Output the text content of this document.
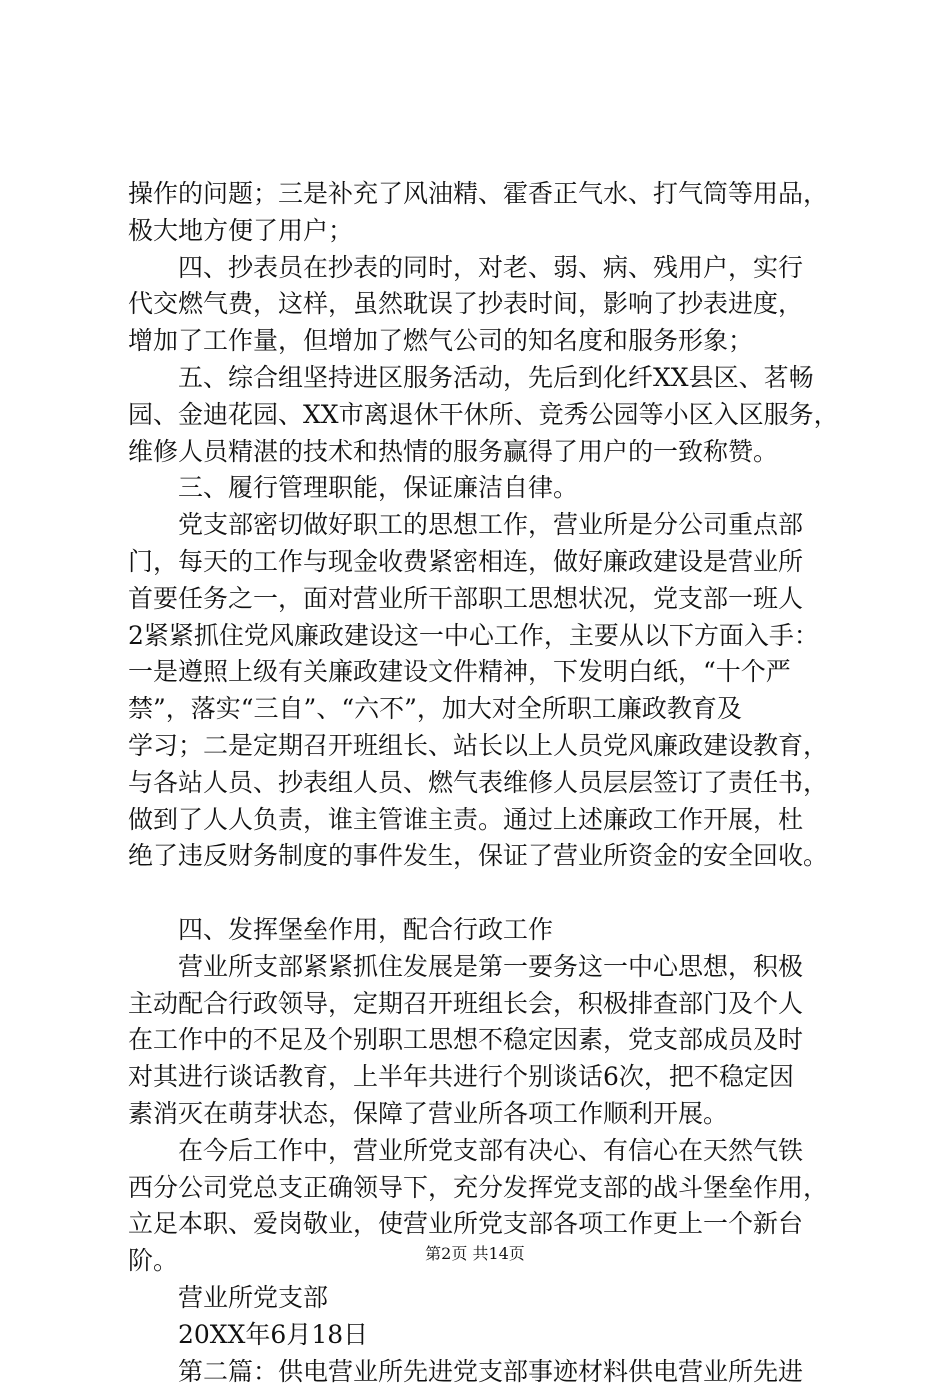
操作的问题；三是补充了风油精、霍香正气水、打气筒等用品，
极大地方便了用户；
四、抄表员在抄表的同时，对老、弱、病、残用户，实行
代交燃气费，这样，虽然耽误了抄表时间，影响了抄表进度，
增加了工作量，但增加了燃气公司的知名度和服务形象；
五、综合组坚持进区服务活动，先后到化纤XX县区、茗畅
园、金迪花园、XX市离退休干休所、竞秀公园等小区入区服务，
维修人员精湛的技术和热情的服务赢得了用户的一致称赞。
三、履行管理职能，保证廉洁自律。
党支部密切做好职工的思想工作，营业所是分公司重点部
门，每天的工作与现金收费紧密相连，做好廉政建设是营业所
首要任务之一，面对营业所干部职工思想状况，党支部一班人
2紧紧抓住党风廉政建设这一中心工作，主要从以下方面入手：
一是遵照上级有关廉政建设文件精神，下发明白纸，“十个严
禁”，落实“三自”、“六不”，加大对全所职工廉政教育及
学习；二是定期召开班组长、站长以上人员党风廉政建设教育，
与各站人员、抄表组人员、燃气表维修人员层层签订了责任书，
做到了人人负责，谁主管谁主责。通过上述廉政工作开展，杜
绝了违反财务制度的事件发生，保证了营业所资金的安全回收。
四、发挥堡垒作用，配合行政工作
营业所支部紧紧抓住发展是第一要务这一中心思想，积极
主动配合行政领导，定期召开班组长会，积极排查部门及个人
在工作中的不足及个别职工思想不稳定因素，党支部成员及时
对其进行谈话教育，上半年共进行个别谈话6次，把不稳定因
素消灭在萌芽状态，保障了营业所各项工作顺利开展。
在今后工作中，营业所党支部有决心、有信心在天然气铁
西分公司党总支正确领导下，充分发挥党支部的战斗堡垒作用，
立足本职、爱岗敬业，使营业所党支部各项工作更上一个新台
阶。
营业所党支部
20XX年6月18日
第二篇：供电营业所先进党支部事迹材料供电营业所先进
第2页 共14页
